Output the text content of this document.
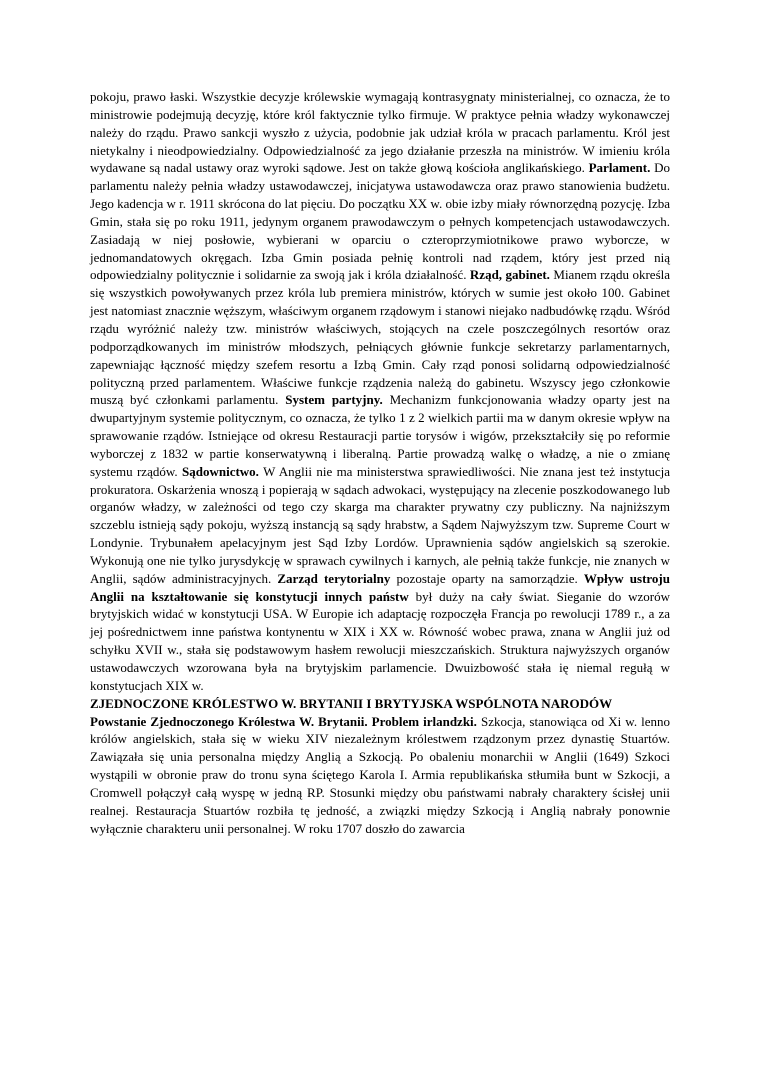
pokoju, prawo łaski. Wszystkie decyzje królewskie wymagają kontrasygnaty ministerialnej, co oznacza, że to ministrowie podejmują decyzję, które król faktycznie tylko firmuje. W praktyce pełnia władzy wykonawczej należy do rządu. Prawo sankcji wyszło z użycia, podobnie jak udział króla w pracach parlamentu. Król jest nietykalny i nieodpowiedzialny. Odpowiedzialność za jego działanie przeszła na ministrów. W imieniu króla wydawane są nadal ustawy oraz wyroki sądowe. Jest on także głową kościoła anglikańskiego. Parlament. Do parlamentu należy pełnia władzy ustawodawczej, inicjatywa ustawodawcza oraz prawo stanowienia budżetu. Jego kadencja w r. 1911 skrócona do lat pięciu. Do początku XX w. obie izby miały równorzędną pozycję. Izba Gmin, stała się po roku 1911, jedynym organem prawodawczym o pełnych kompetencjach ustawodawczych. Zasiadają w niej posłowie, wybierani w oparciu o czteroprzymiotnikowe prawo wyborcze, w jednomandatowych okręgach. Izba Gmin posiada pełnię kontroli nad rządem, który jest przed nią odpowiedzialny politycznie i solidarnie za swoją jak i króla działalność. Rząd, gabinet. Mianem rządu określa się wszystkich powoływanych przez króla lub premiera ministrów, których w sumie jest około 100. Gabinet jest natomiast znacznie węższym, właściwym organem rządowym i stanowi niejako nadbudówkę rządu. Wśród rządu wyróżnić należy tzw. ministrów właściwych, stojących na czele poszczególnych resortów oraz podporządkowanych im ministrów młodszych, pełniących głównie funkcje sekretarzy parlamentarnych, zapewniając łączność między szefem resortu a Izbą Gmin. Cały rząd ponosi solidarną odpowiedzialność polityczną przed parlamentem. Właściwe funkcje rządzenia należą do gabinetu. Wszyscy jego członkowie muszą być członkami parlamentu. System partyjny. Mechanizm funkcjonowania władzy oparty jest na dwupartyjnym systemie politycznym, co oznacza, że tylko 1 z 2 wielkich partii ma w danym okresie wpływ na sprawowanie rządów. Istniejące od okresu Restauracji partie torysów i wigów, przekształciły się po reformie wyborczej z 1832 w partie konserwatywną i liberalną. Partie prowadzą walkę o władzę, a nie o zmianę systemu rządów. Sądownictwo. W Anglii nie ma ministerstwa sprawiedliwości. Nie znana jest też instytucja prokuratora. Oskarżenia wnoszą i popierają w sądach adwokaci, występujący na zlecenie poszkodowanego lub organów władzy, w zależności od tego czy skarga ma charakter prywatny czy publiczny. Na najniższym szczeblu istnieją sądy pokoju, wyższą instancją są sądy hrabstw, a Sądem Najwyższym tzw. Supreme Court w Londynie. Trybunałem apelacyjnym jest Sąd Izby Lordów. Uprawnienia sądów angielskich są szerokie. Wykonują one nie tylko jurysdykcję w sprawach cywilnych i karnych, ale pełnią także funkcje, nie znanych w Anglii, sądów administracyjnych. Zarząd terytorialny pozostaje oparty na samorządzie. Wpływ ustroju Anglii na kształtowanie się konstytucji innych państw był duży na cały świat. Sieganie do wzorów brytyjskich widać w konstytucji USA. W Europie ich adaptację rozpoczęła Francja po rewolucji 1789 r., a za jej pośrednictwem inne państwa kontynentu w XIX i XX w. Równość wobec prawa, znana w Anglii już od schyłku XVII w., stała się podstawowym hasłem rewolucji mieszczańskich. Struktura najwyższych organów ustawodawczych wzorowana była na brytyjskim parlamencie. Dwuizbowość stała ię niemal regułą w konstytucjach XIX w.

ZJEDNOCZONE KRÓLESTWO W. BRYTANII I BRYTYJSKA WSPÓLNOTA NARODÓW

Powstanie Zjednoczonego Królestwa W. Brytanii. Problem irlandzki. Szkocja, stanowiąca od Xi w. lenno królów angielskich, stała się w wieku XIV niezależnym królestwem rządzonym przez dynastię Stuartów. Zawiązała się unia personalna między Anglią a Szkocją. Po obaleniu monarchii w Anglii (1649) Szkoci wystąpili w obronie praw do tronu syna ściętego Karola I. Armia republikańska stłumiła bunt w Szkocji, a Cromwell połączył całą wyspę w jedną RP. Stosunki między obu państwami nabrały charaktery ścisłej unii realnej. Restauracja Stuartów rozbiła tę jedność, a związki między Szkocją i Anglią nabrały ponownie wyłącznie charakteru unii personalnej. W roku 1707 doszło do zawarcia
